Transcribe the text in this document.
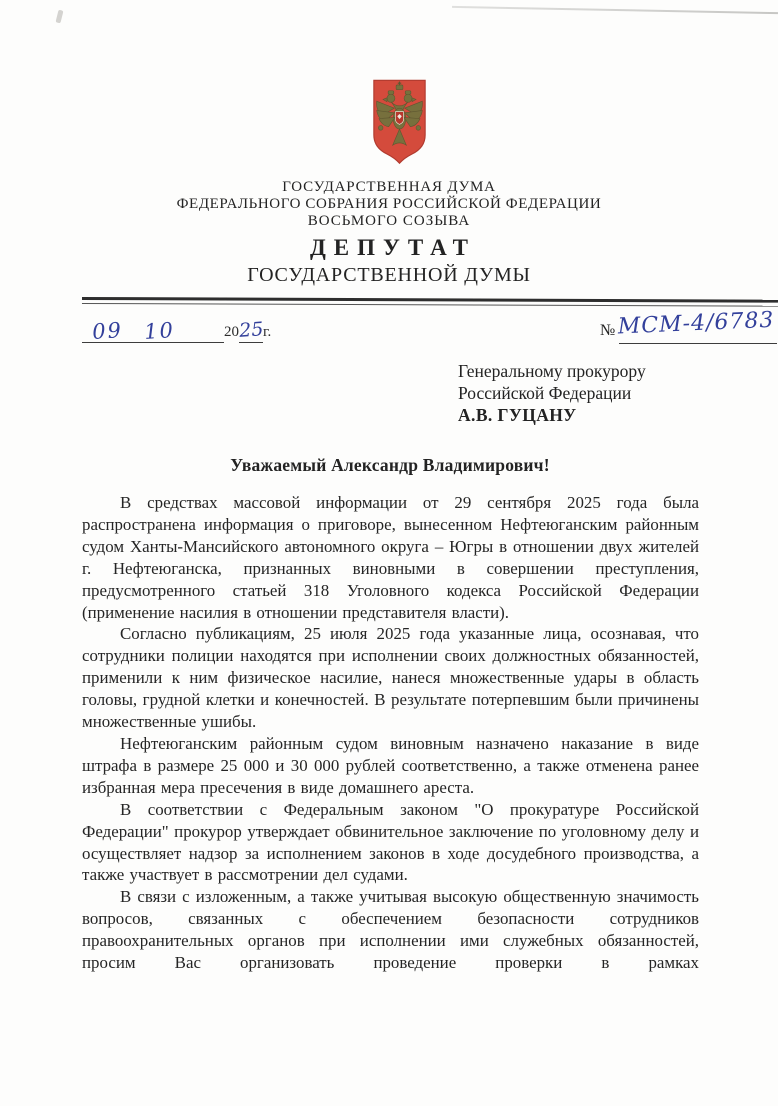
ГОСУДАРСТВЕННАЯ ДУМА
ФЕДЕРАЛЬНОГО СОБРАНИЯ РОССИЙСКОЙ ФЕДЕРАЦИИ
ВОСЬМОГО СОЗЫВА
ДЕПУТАТ
ГОСУДАРСТВЕННОЙ ДУМЫ
09 10	2025г.	№ МСМ-4/6783
Генеральному прокурору
Российской Федерации
А.В. ГУЦАНУ
Уважаемый Александр Владимирович!

В средствах массовой информации от 29 сентября 2025 года была распространена информация о приговоре, вынесенном Нефтеюганским районным судом Ханты-Мансийского автономного округа – Югры в отношении двух жителей г. Нефтеюганска, признанных виновными в совершении преступления, предусмотренного статьей 318 Уголовного кодекса Российской Федерации (применение насилия в отношении представителя власти).

Согласно публикациям, 25 июля 2025 года указанные лица, осознавая, что сотрудники полиции находятся при исполнении своих должностных обязанностей, применили к ним физическое насилие, нанеся множественные удары в область головы, грудной клетки и конечностей. В результате потерпевшим были причинены множественные ушибы.

Нефтеюганским районным судом виновным назначено наказание в виде штрафа в размере 25 000 и 30 000 рублей соответственно, а также отменена ранее избранная мера пресечения в виде домашнего ареста.

В соответствии с Федеральным законом "О прокуратуре Российской Федерации" прокурор утверждает обвинительное заключение по уголовному делу и осуществляет надзор за исполнением законов в ходе досудебного производства, а также участвует в рассмотрении дел судами.

В связи с изложенным, а также учитывая высокую общественную значимость вопросов, связанных с обеспечением безопасности сотрудников правоохранительных органов при исполнении ими служебных обязанностей, просим Вас организовать проведение проверки в рамках
